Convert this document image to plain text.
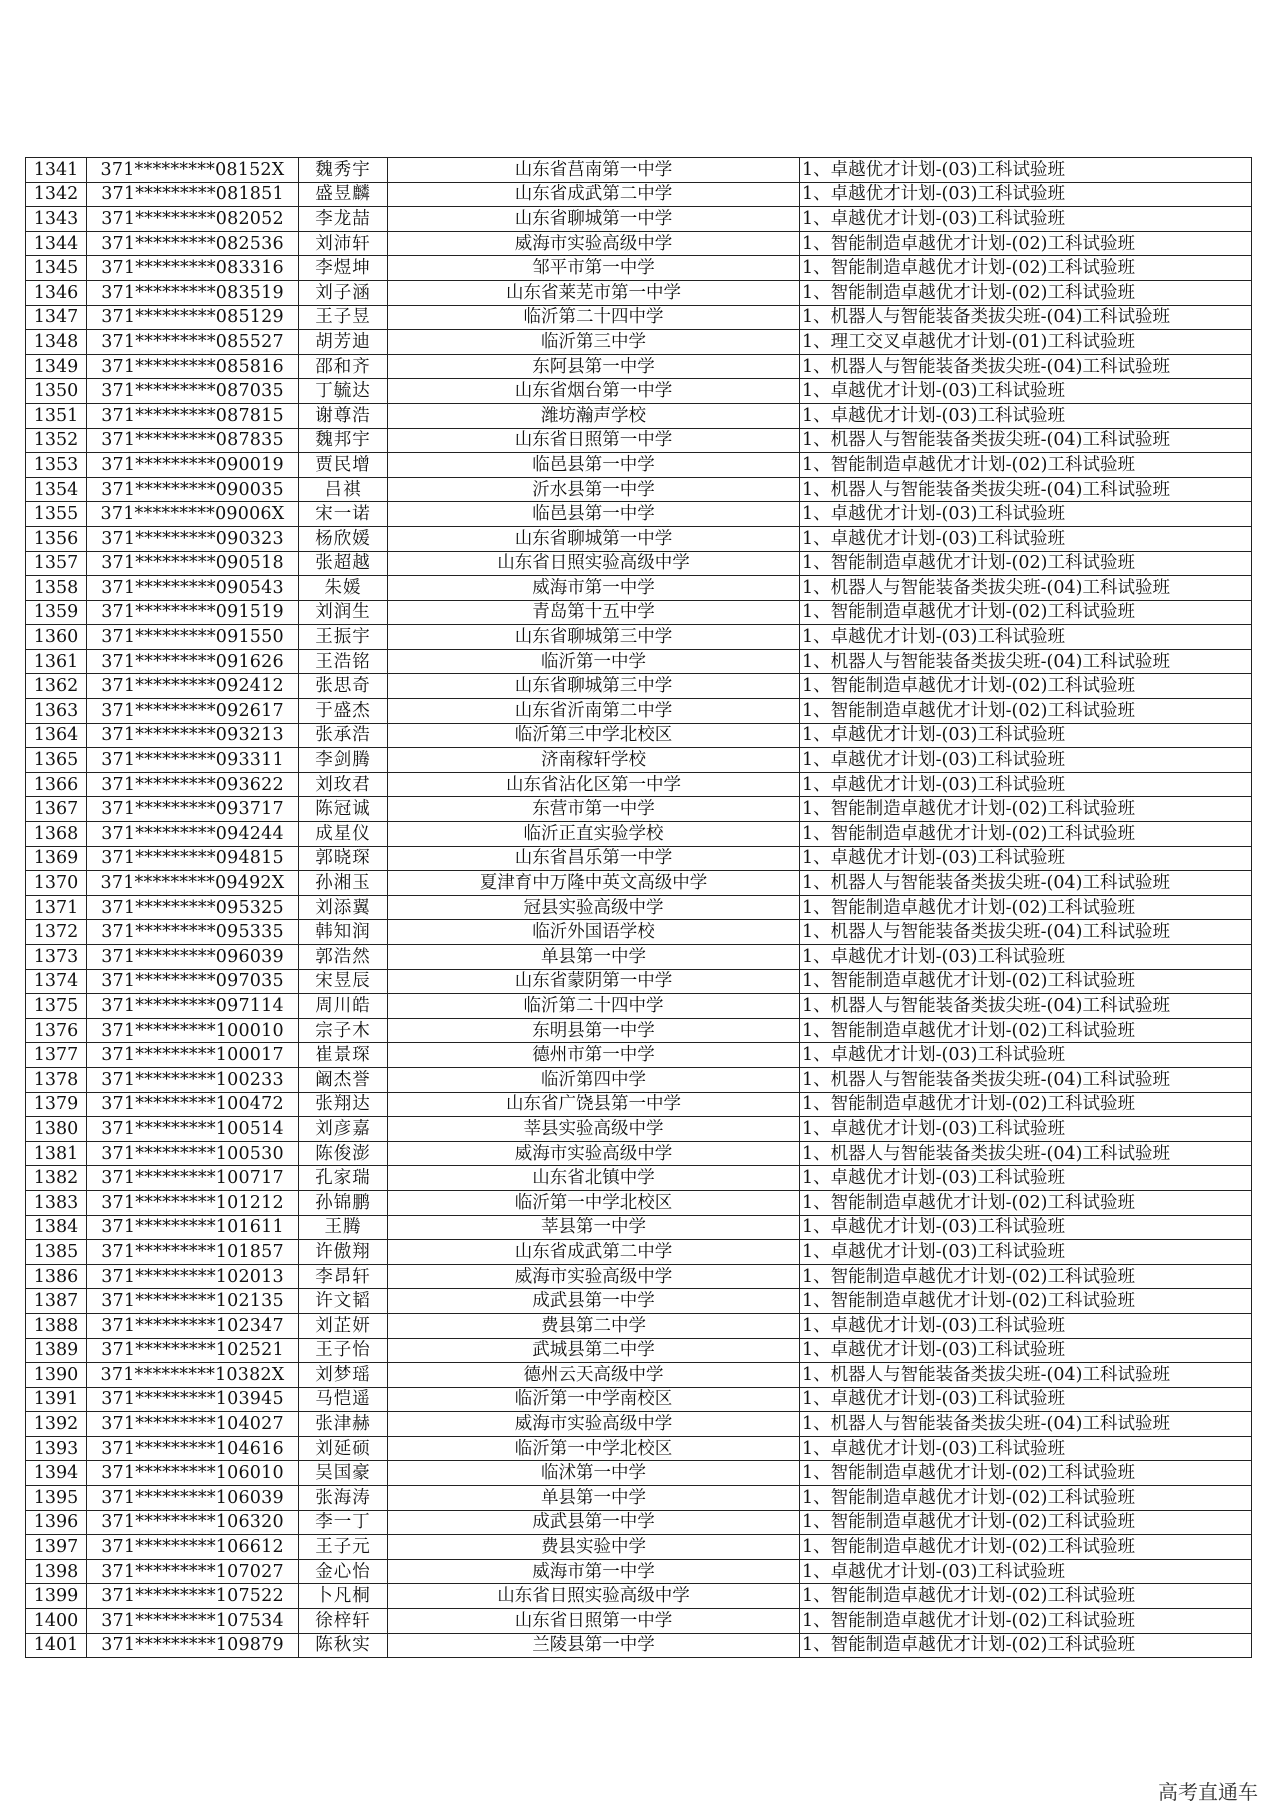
1341	371*********08152X	魏秀宇	山东省莒南第一中学	1、卓越优才计划-(03)工科试验班
1342	371*********081851	盛昱麟	山东省成武第二中学	1、卓越优才计划-(03)工科试验班
1343	371*********082052	李龙喆	山东省聊城第一中学	1、卓越优才计划-(03)工科试验班
1344	371*********082536	刘沛轩	威海市实验高级中学	1、智能制造卓越优才计划-(02)工科试验班
1345	371*********083316	李煜坤	邹平市第一中学	1、智能制造卓越优才计划-(02)工科试验班
1346	371*********083519	刘子涵	山东省莱芜市第一中学	1、智能制造卓越优才计划-(02)工科试验班
1347	371*********085129	王子昱	临沂第二十四中学	1、机器人与智能装备类拔尖班-(04)工科试验班
1348	371*********085527	胡芳迪	临沂第三中学	1、理工交叉卓越优才计划-(01)工科试验班
1349	371*********085816	邵和齐	东阿县第一中学	1、机器人与智能装备类拔尖班-(04)工科试验班
1350	371*********087035	丁毓达	山东省烟台第一中学	1、卓越优才计划-(03)工科试验班
1351	371*********087815	谢尊浩	潍坊瀚声学校	1、卓越优才计划-(03)工科试验班
1352	371*********087835	魏邦宇	山东省日照第一中学	1、机器人与智能装备类拔尖班-(04)工科试验班
1353	371*********090019	贾民增	临邑县第一中学	1、智能制造卓越优才计划-(02)工科试验班
1354	371*********090035	吕祺	沂水县第一中学	1、机器人与智能装备类拔尖班-(04)工科试验班
1355	371*********09006X	宋一诺	临邑县第一中学	1、卓越优才计划-(03)工科试验班
1356	371*********090323	杨欣媛	山东省聊城第一中学	1、卓越优才计划-(03)工科试验班
1357	371*********090518	张超越	山东省日照实验高级中学	1、智能制造卓越优才计划-(02)工科试验班
1358	371*********090543	朱媛	威海市第一中学	1、机器人与智能装备类拔尖班-(04)工科试验班
1359	371*********091519	刘润生	青岛第十五中学	1、智能制造卓越优才计划-(02)工科试验班
1360	371*********091550	王振宇	山东省聊城第三中学	1、卓越优才计划-(03)工科试验班
1361	371*********091626	王浩铭	临沂第一中学	1、机器人与智能装备类拔尖班-(04)工科试验班
1362	371*********092412	张思奇	山东省聊城第三中学	1、智能制造卓越优才计划-(02)工科试验班
1363	371*********092617	于盛杰	山东省沂南第二中学	1、智能制造卓越优才计划-(02)工科试验班
1364	371*********093213	张承浩	临沂第三中学北校区	1、卓越优才计划-(03)工科试验班
1365	371*********093311	李剑腾	济南稼轩学校	1、卓越优才计划-(03)工科试验班
1366	371*********093622	刘玫君	山东省沾化区第一中学	1、卓越优才计划-(03)工科试验班
1367	371*********093717	陈冠诚	东营市第一中学	1、智能制造卓越优才计划-(02)工科试验班
1368	371*********094244	成星仪	临沂正直实验学校	1、智能制造卓越优才计划-(02)工科试验班
1369	371*********094815	郭晓琛	山东省昌乐第一中学	1、卓越优才计划-(03)工科试验班
1370	371*********09492X	孙湘玉	夏津育中万隆中英文高级中学	1、机器人与智能装备类拔尖班-(04)工科试验班
1371	371*********095325	刘添翼	冠县实验高级中学	1、智能制造卓越优才计划-(02)工科试验班
1372	371*********095335	韩知润	临沂外国语学校	1、机器人与智能装备类拔尖班-(04)工科试验班
1373	371*********096039	郭浩然	单县第一中学	1、卓越优才计划-(03)工科试验班
1374	371*********097035	宋昱辰	山东省蒙阴第一中学	1、智能制造卓越优才计划-(02)工科试验班
1375	371*********097114	周川皓	临沂第二十四中学	1、机器人与智能装备类拔尖班-(04)工科试验班
1376	371*********100010	宗子木	东明县第一中学	1、智能制造卓越优才计划-(02)工科试验班
1377	371*********100017	崔景琛	德州市第一中学	1、卓越优才计划-(03)工科试验班
1378	371*********100233	阚杰誉	临沂第四中学	1、机器人与智能装备类拔尖班-(04)工科试验班
1379	371*********100472	张翔达	山东省广饶县第一中学	1、智能制造卓越优才计划-(02)工科试验班
1380	371*********100514	刘彦嘉	莘县实验高级中学	1、卓越优才计划-(03)工科试验班
1381	371*********100530	陈俊澎	威海市实验高级中学	1、机器人与智能装备类拔尖班-(04)工科试验班
1382	371*********100717	孔家瑞	山东省北镇中学	1、卓越优才计划-(03)工科试验班
1383	371*********101212	孙锦鹏	临沂第一中学北校区	1、智能制造卓越优才计划-(02)工科试验班
1384	371*********101611	王腾	莘县第一中学	1、卓越优才计划-(03)工科试验班
1385	371*********101857	许傲翔	山东省成武第二中学	1、卓越优才计划-(03)工科试验班
1386	371*********102013	李昂轩	威海市实验高级中学	1、智能制造卓越优才计划-(02)工科试验班
1387	371*********102135	许文韬	成武县第一中学	1、智能制造卓越优才计划-(02)工科试验班
1388	371*********102347	刘芷妍	费县第二中学	1、卓越优才计划-(03)工科试验班
1389	371*********102521	王子怡	武城县第二中学	1、卓越优才计划-(03)工科试验班
1390	371*********10382X	刘梦瑶	德州云天高级中学	1、机器人与智能装备类拔尖班-(04)工科试验班
1391	371*********103945	马恺遥	临沂第一中学南校区	1、卓越优才计划-(03)工科试验班
1392	371*********104027	张津赫	威海市实验高级中学	1、机器人与智能装备类拔尖班-(04)工科试验班
1393	371*********104616	刘延硕	临沂第一中学北校区	1、卓越优才计划-(03)工科试验班
1394	371*********106010	吴国豪	临沭第一中学	1、智能制造卓越优才计划-(02)工科试验班
1395	371*********106039	张海涛	单县第一中学	1、智能制造卓越优才计划-(02)工科试验班
1396	371*********106320	李一丁	成武县第一中学	1、智能制造卓越优才计划-(02)工科试验班
1397	371*********106612	王子元	费县实验中学	1、智能制造卓越优才计划-(02)工科试验班
1398	371*********107027	金心怡	威海市第一中学	1、卓越优才计划-(03)工科试验班
1399	371*********107522	卜凡桐	山东省日照实验高级中学	1、智能制造卓越优才计划-(02)工科试验班
1400	371*********107534	徐梓轩	山东省日照第一中学	1、智能制造卓越优才计划-(02)工科试验班
1401	371*********109879	陈秋实	兰陵县第一中学	1、智能制造卓越优才计划-(02)工科试验班
高考直通车
